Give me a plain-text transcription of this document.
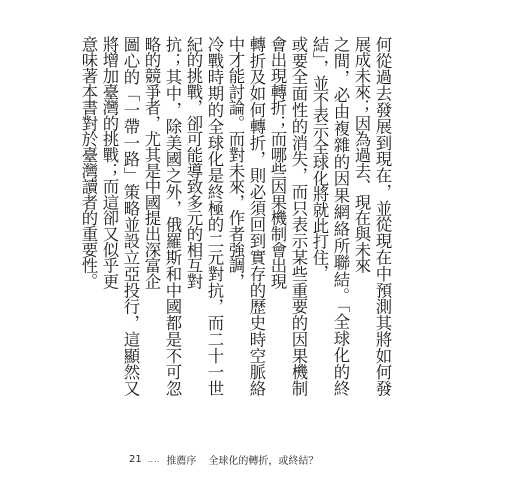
何從過去發展到現在，並從現在中預測其將如何發展成未來；因為過去、現在與未來
之間，必由複雜的因果網絡所聯結。「全球化的終結」，並不表示全球化將就此打住，
或要全面性的消失，而只表示某些重要的因果機制會出現轉折；而哪些因果機制會出現
轉折及如何轉折，則必須回到實存的歷史時空脈絡中才能討論。而對未來，作者強調，
冷戰時期的全球化是終極的二元對抗，而二十一世紀的挑戰，卻可能導致多元的相互對
抗；其中，除美國之外，俄羅斯和中國都是不可忽略的競爭者，尤其是中國提出深富企
圖心的「一帶一路」策略並設立亞投行，這顯然又將增加臺灣的挑戰；而這卻又似乎更
意味著本書對於臺灣讀者的重要性。
21 ‥‥ 推薦序 全球化的轉折，或終結？
